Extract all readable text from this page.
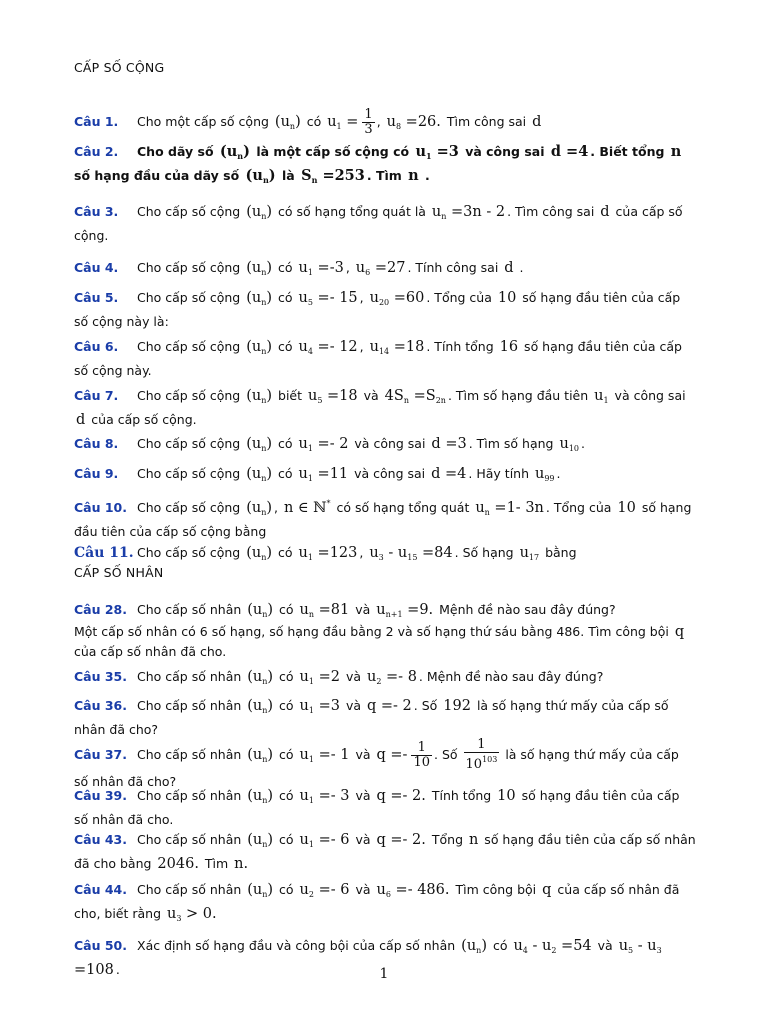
CẤP SỐ CỘNG
Câu 1. Cho một cấp số cộng $(u_n)$ có $u_1 = \frac{1}{3}$ , $u_8 =26$. Tìm công sai d
Câu 2. Cho dãy số $(u_n)$ là một cấp số cộng có $u_1 =3$ và công sai d =4 . Biết tổng n số hạng đầu của dãy số $(u_n)$ là $S_n =253$ . Tìm n .
Câu 3. Cho cấp số cộng $(u_n)$ có số hạng tổng quát là $u_n =3n - 2$ . Tìm công sai d của cấp số cộng.
Câu 4. Cho cấp số cộng $(u_n)$ có $u_1 =-3$ , $u_6 =27$ . Tính công sai d .
Câu 5. Cho cấp số cộng $(u_n)$ có $u_5 =- 15$ , $u_{20} =60$ . Tổng của 10 số hạng đầu tiên của cấp số cộng này là:
Câu 6. Cho cấp số cộng $(u_n)$ có $u_4 =- 12$ , $u_{14} =18$ . Tính tổng 16 số hạng đầu tiên của cấp số cộng này.
Câu 7. Cho cấp số cộng $(u_n)$ biết $u_5 =18$ và $4S_n =S_{2n}$ . Tìm số hạng đầu tiên $u_1$ và công sai d của cấp số cộng.
Câu 8. Cho cấp số cộng $(u_n)$ có $u_1 =- 2$ và công sai d =3 . Tìm số hạng $u_{10}$ .
Câu 9. Cho cấp số cộng $(u_n)$ có $u_1 =11$ và công sai d =4 . Hãy tính $u_{99}$ .
Câu 10. Cho cấp số cộng $(u_n)$ , n ∈ ℕ* có số hạng tổng quát $u_n =1-$ 3n . Tổng của 10 số hạng đầu tiên của cấp số cộng bằng
Câu 11. Cho cấp số cộng $(u_n)$ có $u_1 =123$ , $u_3 - u_{15} =84$ . Số hạng $u_{17}$ bằng
CẤP SỐ NHÂN
Câu 28. Cho cấp số nhân $(u_n)$ có $u_n =81$ và $u_{n+1} =9$. Mệnh đề nào sau đây đúng?
Một cấp số nhân có 6 số hạng, số hạng đầu bằng 2 và số hạng thứ sáu bằng 486. Tìm công bội q của cấp số nhân đã cho.
Câu 35. Cho cấp số nhân $(u_n)$ có $u_1 =2$ và $u_2 =- 8$ . Mệnh đề nào sau đây đúng?
Câu 36. Cho cấp số nhân $(u_n)$ có $u_1 =3$ và q =- 2 . Số 192 là số hạng thứ mấy của cấp số nhân đã cho?
Câu 37. Cho cấp số nhân $(u_n)$ có $u_1 =- 1$ và $q =- \frac{1}{10}$ . Số $\frac{1}{10^{103}}$ là số hạng thứ mấy của cấp số nhân đã cho?
Câu 39. Cho cấp số nhân $(u_n)$ có $u_1 =- 3$ và q =- 2. Tính tổng 10 số hạng đầu tiên của cấp số nhân đã cho.
Câu 43. Cho cấp số nhân $(u_n)$ có $u_1 =- 6$ và q =- 2. Tổng n số hạng đầu tiên của cấp số nhân đã cho bằng 2046. Tìm n.
Câu 44. Cho cấp số nhân $(u_n)$ có $u_2 =- 6$ và $u_6 =- 486$. Tìm công bội q của cấp số nhân đã cho, biết rằng $u_3 > 0$.
Câu 50. Xác định số hạng đầu và công bội của cấp số nhân $(u_n)$ có $u_4 - u_2 =54$ và $u_5 - u_3 =108$ .	1
